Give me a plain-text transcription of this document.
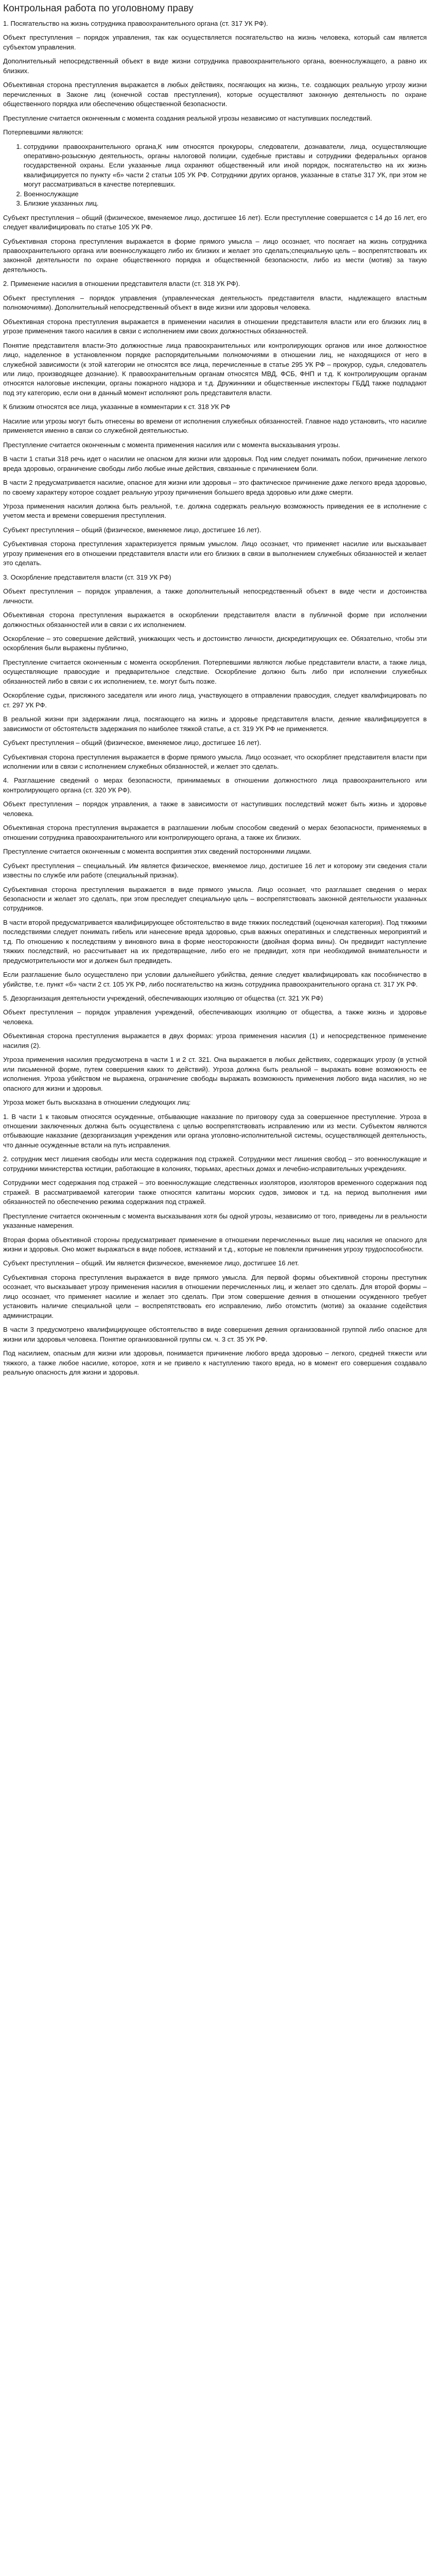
Контрольная работа по уголовному праву

1. Посягательство на жизнь сотрудника правоохранительного органа (ст. 317 УК РФ).

Объект преступления – порядок управления, так как осуществляется посягательство на жизнь человека, который сам является субъектом управления.

Дополнительный непосредственный объект в виде жизни сотрудника правоохранительного органа, военнослужащего, а равно их близких.

Объективная сторона преступления выражается в любых действиях, посягающих на жизнь, т.е. создающих реальную угрозу жизни перечисленных в Законе лиц (конечной состав преступления), которые осуществляют законную деятельность по охране общественного порядка или обеспечению общественной безопасности.

Преступление считается оконченным с момента создания реальной угрозы независимо от наступивших последствий.

Потерпевшими являются:

1. сотрудники правоохранительного органа,К ним относятся прокуроры, следователи, дознаватели, лица, осуществляющие оперативно-розыскную деятельность, органы налоговой полиции, судебные приставы и сотрудники федеральных органов государственной охраны. Если указанные лица охраняют общественный или иной порядок, посягательство на их жизнь квалифицируется по пункту «б» части 2 статьи 105 УК РФ. Сотрудники других органов, указанные в статье 317 УК, при этом не могут рассматриваться в качестве потерпевших.
2. Военнослужащие
3. Близкие указанных лиц.

Субъект преступления – общий (физическое, вменяемое лицо, достигшее 16 лет). Если преступление совершается с 14 до 16 лет, его следует квалифицировать по статье 105 УК РФ.

Субъективная сторона преступления выражается в форме прямого умысла – лицо осознает, что посягает на жизнь сотрудника правоохранительного органа или военнослужащего либо их близких и желает это сделать;специальную цель – воспрепятствовать их законной деятельности по охране общественного порядка и общественной безопасности, либо из мести (мотив) за такую деятельность.

2. Применение насилия в отношении представителя власти (ст. 318 УК РФ).

Объект преступления – порядок управления (управленческая деятельность представителя власти, надлежащего властным полномочиями). Дополнительный непосредственный объект в виде жизни или здоровья человека.

Объективная сторона преступления выражается в применении насилия в отношении представителя власти или его близких лиц в угрозе применения такого насилия в связи с исполнением ими своих должностных обязанностей.

Понятие представителя власти-Это должностные лица правоохранительных или контролирующих органов или иное должностное лицо, наделенное в установленном порядке распорядительными полномочиями в отношении лиц, не находящихся от него в служебной зависимости (к этой категории не относятся все лица, перечисленные в статье 295 УК РФ – прокурор, судья, следователь или лицо, производящее дознание). К правоохранительным органам относятся МВД, ФСБ, ФНП и т.д. К контролирующим органам относятся налоговые инспекции, органы пожарного надзора и т.д. Дружинники и общественные инспекторы ГБДД также подпадают под эту категорию, если они в данный момент исполняют роль представителя власти.

К близким относятся все лица, указанные в комментарии к ст. 318 УК РФ

Насилие или угрозы могут быть отнесены во времени от исполнения служебных обязанностей. Главное надо установить, что насилие применяется именно в связи со служебной деятельностью.

Преступление считается оконченным с момента применения насилия или с момента высказывания угрозы.

В части 1 статьи 318 речь идет о насилии не опасном для жизни или здоровья. Под ним следует понимать побои, причинение легкого вреда здоровью, ограничение свободы либо любые иные действия, связанные с причинением боли.

В части 2 предусматривается насилие, опасное для жизни или здоровья – это фактическое причинение даже легкого вреда здоровью, по своему характеру которое создает реальную угрозу причинения большего вреда здоровью или даже смерти.

Угроза применения насилия должна быть реальной, т.е. должна содержать реальную возможность приведения ее в исполнение с учетом места и времени совершения преступления.

Субъект преступления – общий (физическое, вменяемое лицо, достигшее 16 лет).

Субъективная сторона преступления характеризуется прямым умыслом. Лицо осознает, что применяет насилие или высказывает угрозу применения его в отношении представителя власти или его близких в связи в выполнением служебных обязанностей и желает это сделать.

3. Оскорбление представителя власти (ст. 319 УК РФ)

Объект преступления – порядок управления, а также дополнительный непосредственный объект в виде чести и достоинства личности.

Объективная сторона преступления выражается в оскорблении представителя власти в публичной форме при исполнении должностных обязанностей или в связи с их исполнением.

Оскорбление – это совершение действий, унижающих честь и достоинство личности, дискредитирующих ее. Обязательно, чтобы эти оскорбления были выражены публично,

Преступление считается оконченным с момента оскорбления. Потерпевшими являются любые представители власти, а также лица, осуществляющие правосудие и предварительное следствие. Оскорбление должно быть либо при исполнении служебных обязанностей либо в связи с их исполнением, т.е. могут быть позже.

Оскорбление судьи, присяжного заседателя или иного лица, участвующего в отправлении правосудия, следует квалифицировать по ст. 297 УК РФ.

В реальной жизни при задержании лица, посягающего на жизнь и здоровье представителя власти, деяние квалифицируется в зависимости от обстоятельств задержания по наиболее тяжкой статье, а ст. 319 УК РФ не применяется.

Субъект преступления – общий (физическое, вменяемое лицо, достигшее 16 лет).

Субъективная сторона преступления выражается в форме прямого умысла. Лицо осознает, что оскорбляет представителя власти при исполнении или в связи с исполнением служебных обязанностей, и желает это сделать.

4. Разглашение сведений о мерах безопасности, принимаемых в отношении должностного лица правоохранительного или контролирующего органа (ст. 320 УК РФ).

Объект преступления – порядок управления, а также в зависимости от наступивших последствий может быть жизнь и здоровье человека.

Объективная сторона преступления выражается в разглашении любым способом сведений о мерах безопасности, применяемых в отношении сотрудника правоохранительного или контролирующего органа, а также их близких.

Преступление считается оконченным с момента восприятия этих сведений посторонними лицами.

Субъект преступления – специальный. Им является физическое, вменяемое лицо, достигшее 16 лет и которому эти сведения стали известны по службе или работе (специальный признак).

Субъективная сторона преступления выражается в виде прямого умысла. Лицо осознает, что разглашает сведения о мерах безопасности и желает это сделать, при этом преследует специальную цель – воспрепятствовать законной деятельности указанных сотрудников.

В части второй предусматривается квалифицирующее обстоятельство в виде тяжких последствий (оценочная категория). Под тяжкими последствиями следует понимать гибель или нанесение вреда здоровью, срыв важных оперативных и следственных мероприятий и т.д. По отношению к последствиям у виновного вина в форме неосторожности (двойная форма вины). Он предвидит наступление тяжких последствий, но рассчитывает на их предотвращение, либо его не предвидит, хотя при необходимой внимательности и предусмотрительности мог и должен был предвидеть.

Если разглашение было осуществлено при условии дальнейшего убийства, деяние следует квалифицировать как пособничество в убийстве, т.е. пункт «б» части 2 ст. 105 УК РФ, либо посягательство на жизнь сотрудника правоохранительного органа ст. 317 УК РФ.

5. Дезорганизация деятельности учреждений, обеспечивающих изоляцию от общества (ст. 321 УК РФ)

Объект преступления – порядок управления учреждений, обеспечивающих изоляцию от общества, а также жизнь и здоровье человека.

Объективная сторона преступления выражается в двух формах: угроза применения насилия (1) и непосредственное применение насилия (2).

Угроза применения насилия предусмотрена в части 1 и 2 ст. 321. Она выражается в любых действиях, содержащих угрозу (в устной или письменной форме, путем совершения каких то действий). Угроза должна быть реальной – выражать вовне возможность ее исполнения. Угроза убийством не выражена, ограничение свободы выражать возможность применения любого вида насилия, но не опасного для жизни и здоровья.

Угроза может быть высказана в отношении следующих лиц:

1. В части 1 к таковым относятся осужденные, отбывающие наказание по приговору суда за совершенное преступление. Угроза в отношении заключенных должна быть осуществлена с целью воспрепятствовать исправлению или из мести. Субъектом являются отбывающие наказание (дезорганизация учреждения или органа уголовно-исполнительной системы, осуществляющей деятельность, что данные осужденные встали на путь исправления.

2. сотрудник мест лишения свободы или места содержания под стражей. Сотрудники мест лишения свобод – это военнослужащие и сотрудники министерства юстиции, работающие в колониях, тюрьмах, арестных домах и лечебно-исправительных учреждениях.

Сотрудники мест содержания под стражей – это военнослужащие следственных изоляторов, изоляторов временного содержания под стражей. В рассматриваемой категории также относятся капитаны морских судов, зимовок и т.д. на период выполнения ими обязанностей по обеспечению режима содержания под стражей.

Преступление считается оконченным с момента высказывания хотя бы одной угрозы, независимо от того, приведены ли в реальности указанные намерения.

Вторая форма объективной стороны предусматривает применение в отношении перечисленных выше лиц насилия не опасного для жизни и здоровья. Оно может выражаться в виде побоев, истязаний и т.д., которые не повлекли причинения угрозу трудоспособности.

Субъект преступления – общий. Им является физическое, вменяемое лицо, достигшее 16 лет.

Субъективная сторона преступления выражается в виде прямого умысла. Для первой формы объективной стороны преступник осознает, что высказывает угрозу применения насилия в отношении перечисленных лиц, и желает это сделать. Для второй формы – лицо осознает, что применяет насилие и желает это сделать. При этом совершение деяния в отношении осужденного требует установить наличие специальной цели – воспрепятствовать его исправлению, либо отомстить (мотив) за оказание содействия администрации.

В части 3 предусмотрено квалифицирующее обстоятельство в виде совершения деяния организованной группой либо опасное для жизни или здоровья человека. Понятие организованной группы см. ч. 3 ст. 35 УК РФ.

Под насилием, опасным для жизни или здоровья, понимается причинение любого вреда здоровью – легкого, средней тяжести или тяжкого, а также любое насилие, которое, хотя и не привело к наступлению такого вреда, но в момент его совершения создавало реальную опасность для жизни и здоровья.
